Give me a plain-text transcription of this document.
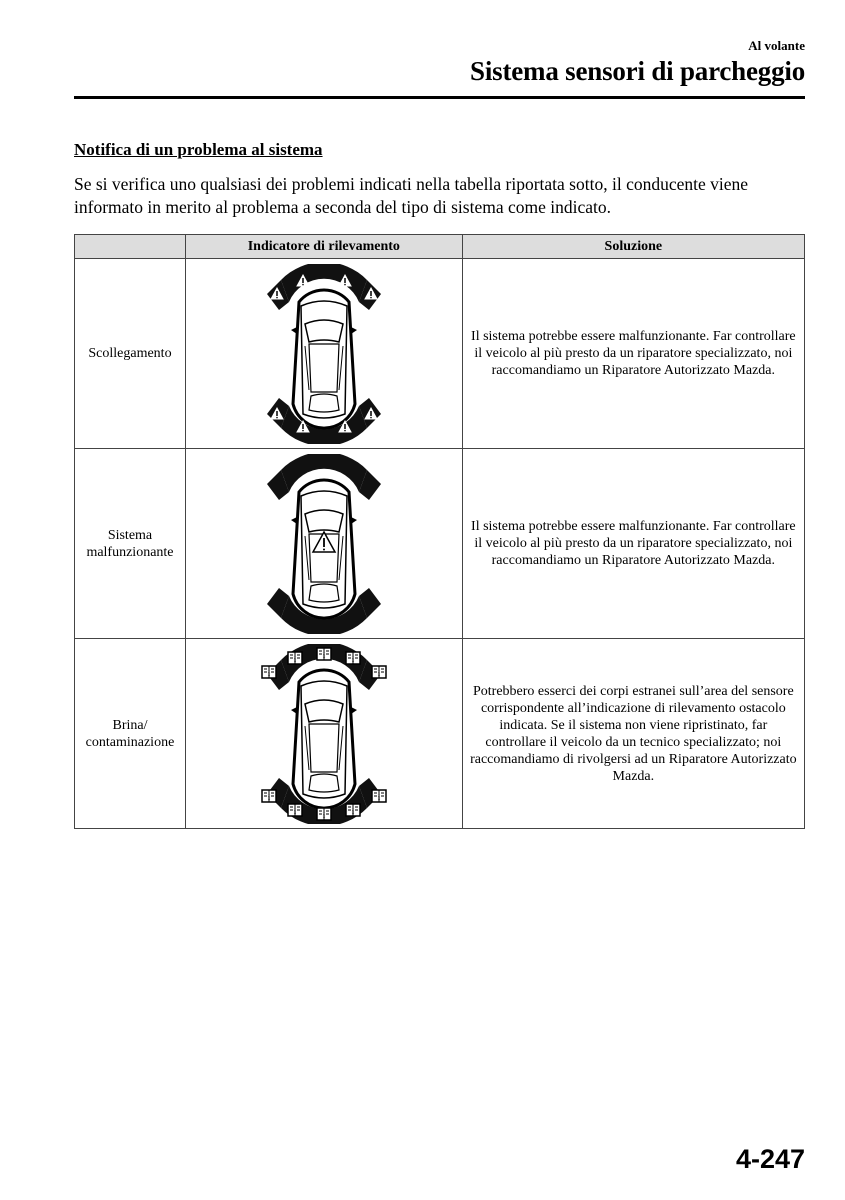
Al volante
Sistema sensori di parcheggio
Notifica di un problema al sistema
Se si verifica uno qualsiasi dei problemi indicati nella tabella riportata sotto, il conducente viene informato in merito al problema a seconda del tipo di sistema come indicato.
	Indicatore di rilevamento	Soluzione
Scollegamento		Il sistema potrebbe essere malfunzionante. Far controllare il veicolo al più presto da un riparatore specializzato, noi raccomandiamo un Riparatore Autorizzato Mazda.
Sistema malfunzionante		Il sistema potrebbe essere malfunzionante. Far controllare il veicolo al più presto da un riparatore specializzato, noi raccomandiamo un Riparatore Autorizzato Mazda.
Brina/ contaminazione		Potrebbero esserci dei corpi estranei sull’area del sensore corrispondente all’indicazione di rilevamento ostacolo indicata. Se il sistema non viene ripristinato, far controllare il veicolo da un tecnico specializzato; noi raccomandiamo di rivolgersi ad un Riparatore Autorizzato Mazda.
4-247
